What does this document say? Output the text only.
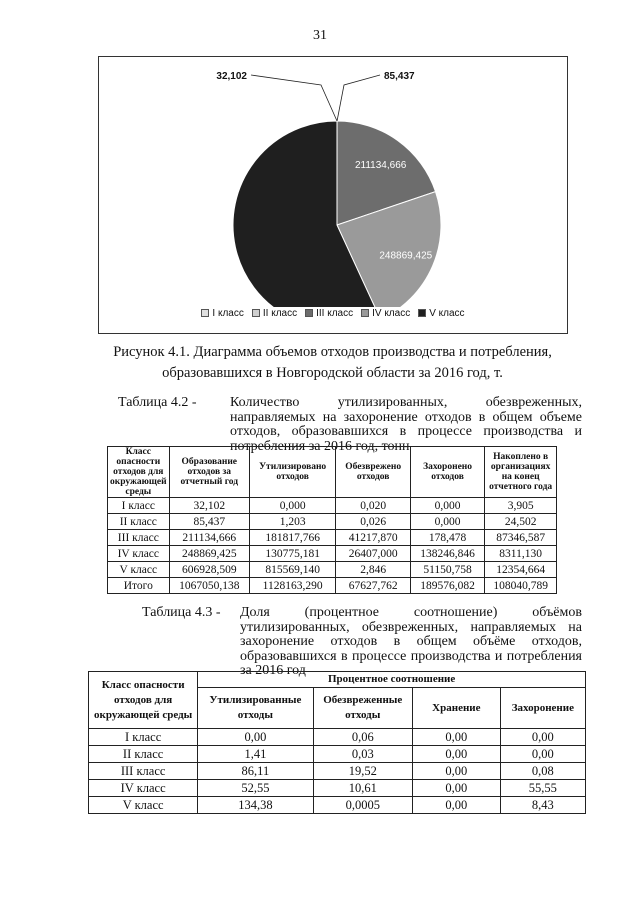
31
32,102	85,437
211134,666
248869,425
I класс II класс III класс IV класс V класс
Рисунок 4.1. Диаграмма объемов отходов производства и потребления,
образовавшихся в Новгородской области за 2016 год, т.
Таблица 4.2 -	Количество утилизированных, обезвреженных, направляемых на захоронение отходов в общем объеме отходов, образовавшихся в процессе производства и потребления за 2016 год, тонн
Класс опасности отходов для окружающей среды	Образование отходов за отчетный год	Утилизировано отходов	Обезврежено отходов	Захоронено отходов	Накоплено в организациях на конец отчетного года
I класс	32,102	0,000	0,020	0,000	3,905
II класс	85,437	1,203	0,026	0,000	24,502
III класс	211134,666	181817,766	41217,870	178,478	87346,587
IV класс	248869,425	130775,181	26407,000	138246,846	8311,130
V класс	606928,509	815569,140	2,846	51150,758	12354,664
Итого	1067050,138	1128163,290	67627,762	189576,082	108040,789
Таблица 4.3 -	Доля (процентное соотношение) объёмов утилизированных, обезвреженных, направляемых на захоронение отходов в общем объёме отходов, образовавшихся в процессе производства и потребления за 2016 год
Класс опасности отходов для окружающей среды	Процентное соотношение			
	Утилизированные отходы	Обезвреженные отходы	Хранение	Захоронение
I класс	0,00	0,06	0,00	0,00
II класс	1,41	0,03	0,00	0,00
III класс	86,11	19,52	0,00	0,08
IV класс	52,55	10,61	0,00	55,55
V класс	134,38	0,0005	0,00	8,43
